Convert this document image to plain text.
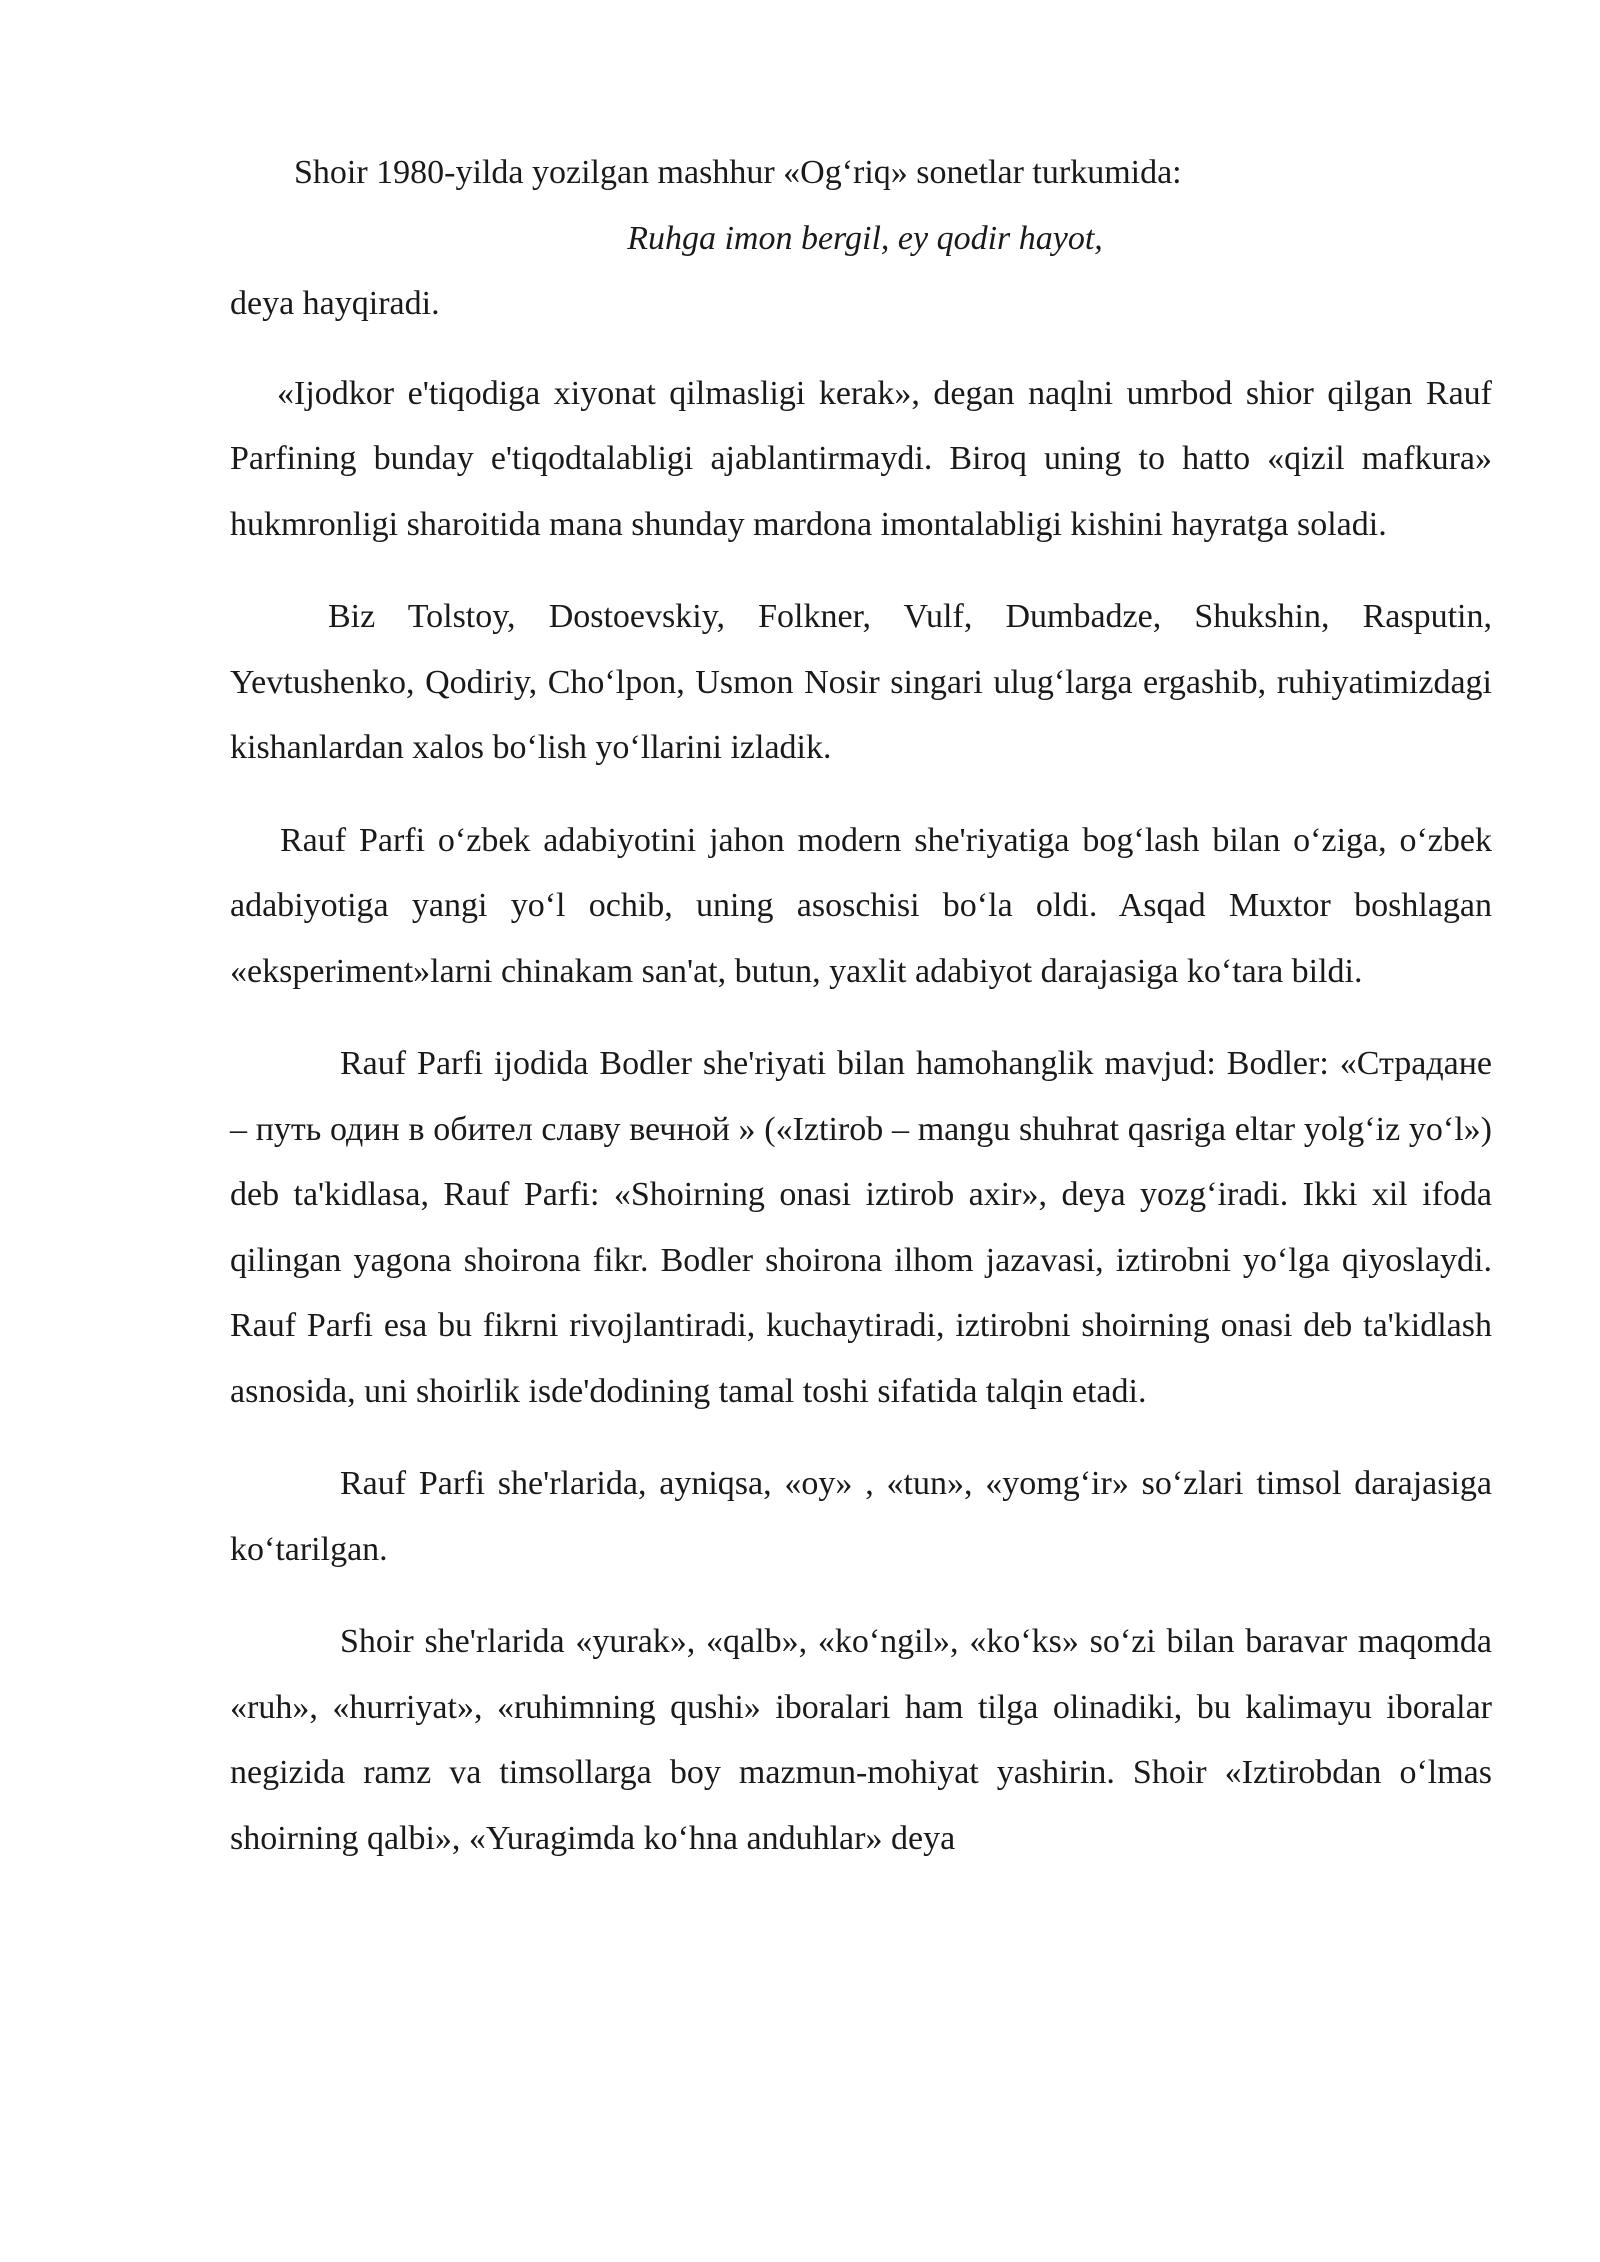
Shoir 1980-yilda yozilgan mashhur «Og‘riq» sonetlar turkumida:

Ruhga imon bergil, ey qodir hayot,

deya hayqiradi.

«Ijodkor e'tiqodiga xiyonat qilmasligi kerak», degan naqlni umrbod shior qilgan Rauf Parfining bunday e'tiqodtalabligi ajablantirmaydi. Biroq uning to hatto «qizil mafkura» hukmronligi sharoitida mana shunday mardona imontalabligi kishini hayratga soladi.

Biz Tolstoy, Dostoevskiy, Folkner, Vulf, Dumbadze, Shukshin, Rasputin, Yevtushenko, Qodiriy, Cho‘lpon, Usmon Nosir singari ulug‘larga ergashib, ruhiyatimizdagi kishanlardan xalos bo‘lish yo‘llarini izladik.

Rauf Parfi o‘zbek adabiyotini jahon modern she'riyatiga bog‘lash bilan o‘ziga, o‘zbek adabiyotiga yangi yo‘l ochib, uning asoschisi bo‘la oldi. Asqad Muxtor boshlagan «eksperiment»larni chinakam san'at, butun, yaxlit adabiyot darajasiga ko‘tara bildi.

Rauf Parfi ijodida Bodler she'riyati bilan hamohanglik mavjud: Bodler: «Страдане – путь один в обител славу вечной » («Iztirob – mangu shuhrat qasriga eltar yolg‘iz yo‘l») deb ta'kidlasa, Rauf Parfi: «Shoirning onasi iztirob axir», deya yozg‘iradi. Ikki xil ifoda qilingan yagona shoirona fikr. Bodler shoirona ilhom jazavasi, iztirobni yo‘lga qiyoslaydi. Rauf Parfi esa bu fikrni rivojlantiradi, kuchaytiradi, iztirobni shoirning onasi deb ta'kidlash asnosida, uni shoirlik isde'dodining tamal toshi sifatida talqin etadi.

Rauf Parfi she'rlarida, ayniqsa, «oy» , «tun», «yomg‘ir» so‘zlari timsol darajasiga ko‘tarilgan.

Shoir she'rlarida «yurak», «qalb», «ko‘ngil», «ko‘ks» so‘zi bilan baravar maqomda «ruh», «hurriyat», «ruhimning qushi» iboralari ham tilga olinadiki, bu kalimayu iboralar negizida ramz va timsollarga boy mazmun-mohiyat yashirin. Shoir «Iztirobdan o‘lmas shoirning qalbi», «Yuragimda ko‘hna anduhlar» deya
